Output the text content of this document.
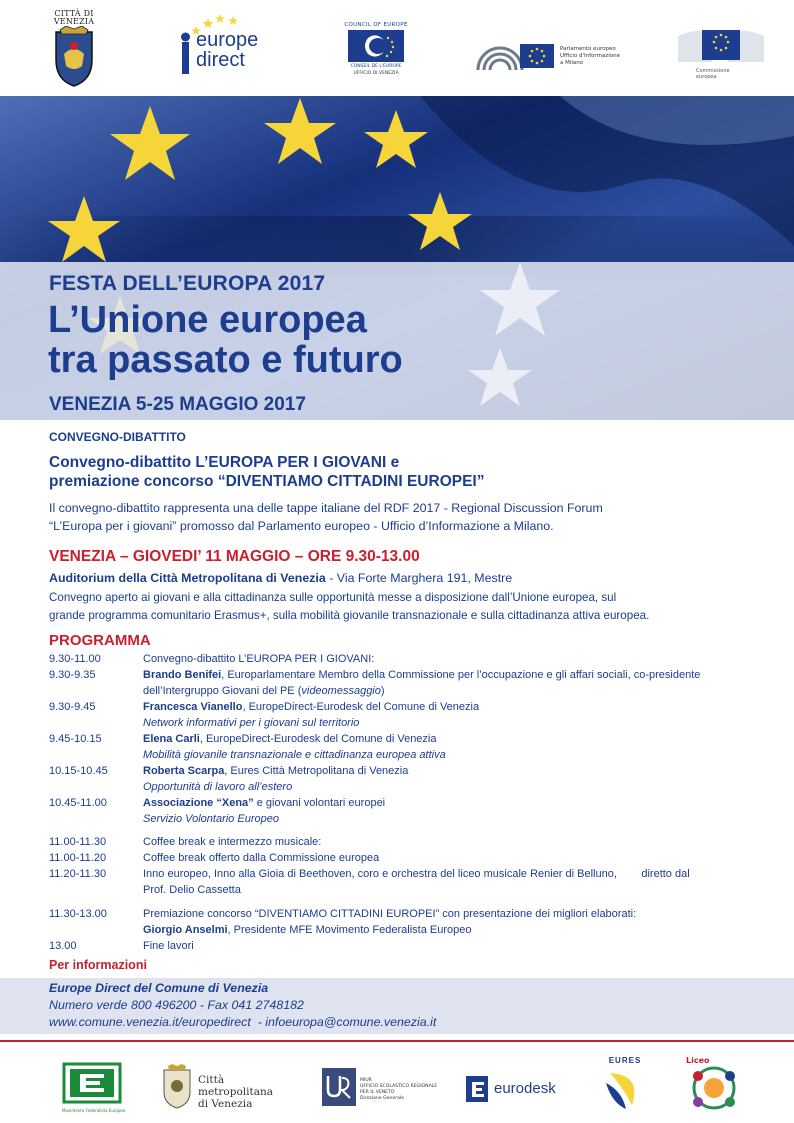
CITTÀ DI VENEZIA
europe
direct
COUNCIL OF EUROPE
CONSEIL DE L'EUROPE
UFFICIO DI VENEZIA
Parlamento europeo
Ufficio d'Informazione
a Milano
Commissione
europea
FESTA DELL’EUROPA 2017
L’Unione europea
tra passato e futuro
VENEZIA 5-25 MAGGIO 2017
CONVEGNO-DIBATTITO
Convegno-dibattito L’EUROPA PER I GIOVANI e
premiazione concorso “DIVENTIAMO CITTADINI EUROPEI”
Il convegno-dibattito rappresenta una delle tappe italiane del RDF 2017 - Regional Discussion Forum
“L’Europa per i giovani” promosso dal Parlamento europeo - Ufficio d’Informazione a Milano.
VENEZIA – GIOVEDI’ 11 MAGGIO – ORE 9.30-13.00
Auditorium della Città Metropolitana di Venezia - Via Forte Marghera 191, Mestre
Convegno aperto ai giovani e alla cittadinanza sulle opportunità messe a disposizione dall’Unione europea, sul
grande programma comunitario Erasmus+, sulla mobilità giovanile transnazionale e sulla cittadinanza attiva europea.
PROGRAMMA
9.30-11.00	Convegno-dibattito L’EUROPA PER I GIOVANI:
9.30-9.35	Brando Benifei, Europarlamentare Membro della Commissione per l’occupazione e gli affari sociali, co-presidente
dell’Intergruppo Giovani del PE (videomessaggio)
9.30-9.45	Francesca Vianello, EuropeDirect-Eurodesk del Comune di Venezia
Network informativi per i giovani sul territorio
9.45-10.15	Elena Carli, EuropeDirect-Eurodesk del Comune di Venezia
Mobilità giovanile transnazionale e cittadinanza europea attiva
10.15-10.45	Roberta Scarpa, Eures Città Metropolitana di Venezia
Opportunità di lavoro all’estero
10.45-11.00	Associazione “Xena” e giovani volontari europei
Servizio Volontario Europeo
11.00-11.30	Coffee break e intermezzo musicale:
11.00-11.20	Coffee break offerto dalla Commissione europea
11.20-11.30	Inno europeo, Inno alla Gioia di Beethoven, coro e orchestra del liceo musicale Renier di Belluno,        diretto dal
Prof. Delio Cassetta
11.30-13.00	Premiazione concorso “DIVENTIAMO CITTADINI EUROPEI” con presentazione dei migliori elaborati:
Giorgio Anselmi, Presidente MFE Movimento Federalista Europeo
13.00	Fine lavori
Per informazioni
Europe Direct del Comune di Venezia
Numero verde 800 496200 - Fax 041 2748182
www.comune.venezia.it/europedirect  - infoeuropa@comune.venezia.it
Movimento Federalista Europeo
Città metropolitana
di Venezia
MIUR
UFFICIO SCOLASTICO REGIONALE
PER IL VENETO
Direzione Generale
eurodesk
EURES	Liceo
